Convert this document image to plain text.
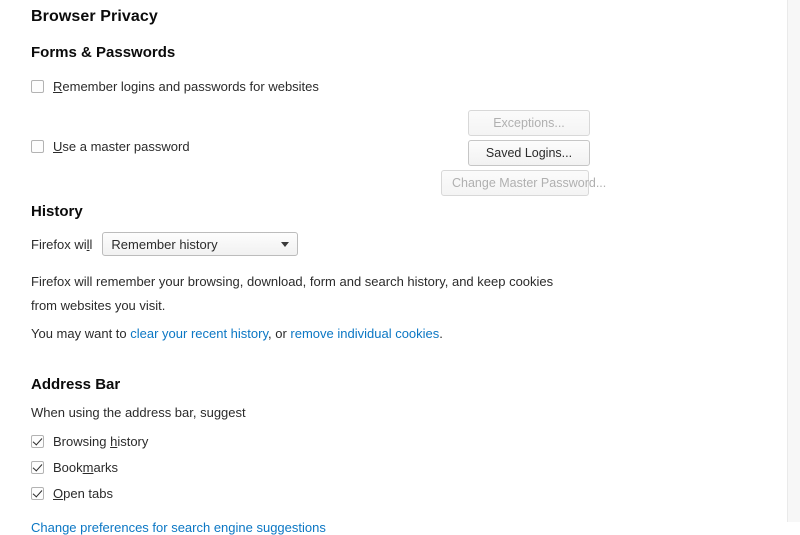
Browser Privacy
Forms & Passwords
Remember logins and passwords for websites
Use a master password
Exceptions...
Saved Logins...
Change Master Password...
History
Firefox will Remember history

Firefox will remember your browsing, download, form and search history, and keep cookies from websites you visit.

You may want to clear your recent history, or remove individual cookies.

Address Bar
When using the address bar, suggest
Browsing history
Bookmarks
Open tabs
Change preferences for search engine suggestions
